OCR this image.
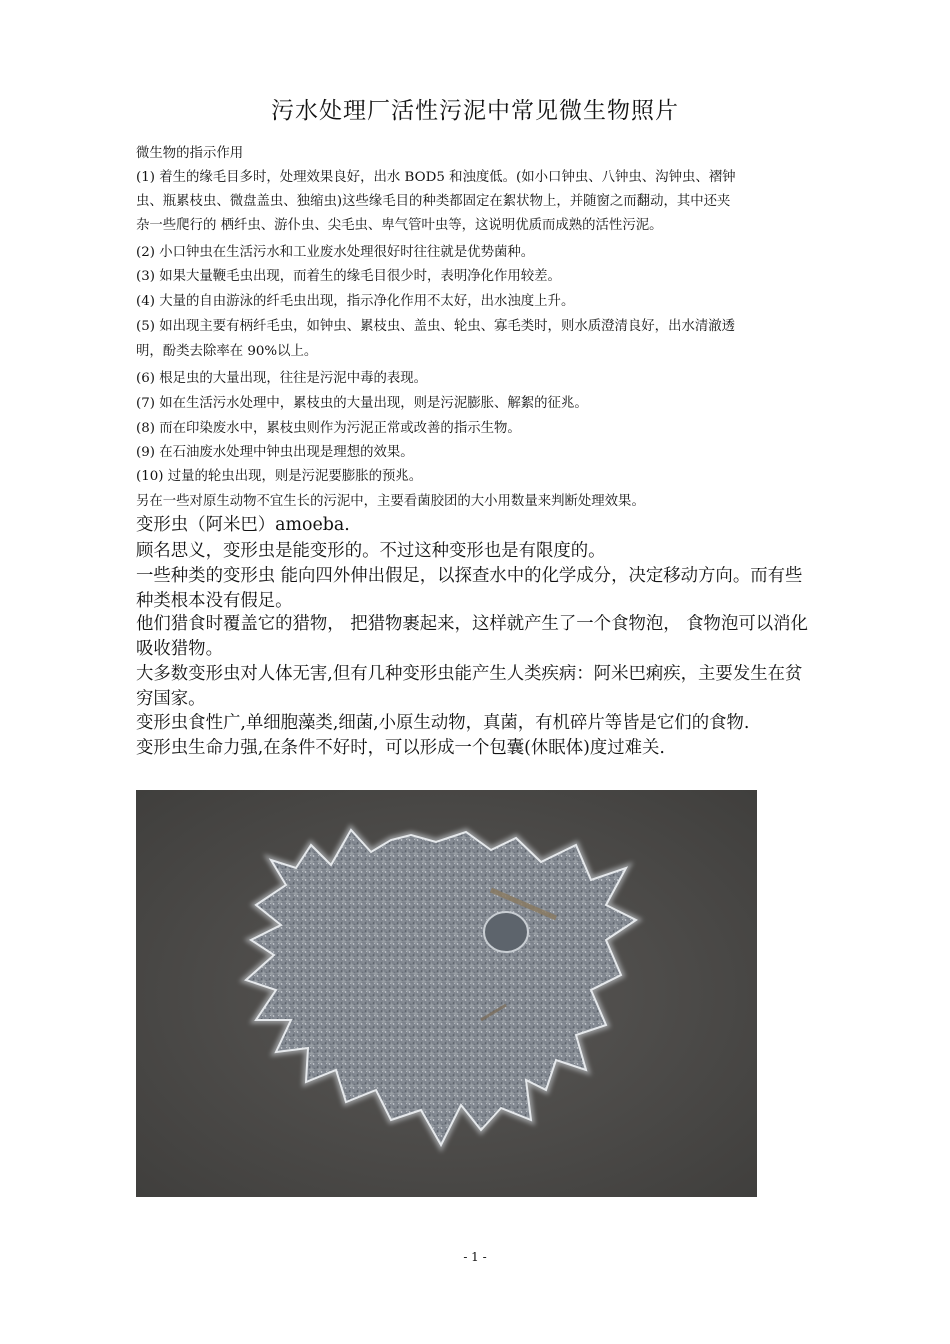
污水处理厂活性污泥中常见微生物照片
微生物的指示作用
(1) 着生的缘毛目多时，处理效果良好，出水 BOD5 和浊度低。(如小口钟虫、八钟虫、沟钟虫、褶钟
虫、瓶累枝虫、微盘盖虫、独缩虫)这些缘毛目的种类都固定在絮状物上，并随窗之而翻动，其中还夹
杂一些爬行的 栖纤虫、游仆虫、尖毛虫、卑气管叶虫等，这说明优质而成熟的活性污泥。
(2) 小口钟虫在生活污水和工业废水处理很好时往往就是优势菌种。
(3) 如果大量鞭毛虫出现，而着生的缘毛目很少时，表明净化作用较差。
(4) 大量的自由游泳的纤毛虫出现，指示净化作用不太好，出水浊度上升。
(5) 如出现主要有柄纤毛虫，如钟虫、累枝虫、盖虫、轮虫、寡毛类时，则水质澄清良好，出水清澈透
明，酚类去除率在 90%以上。
(6) 根足虫的大量出现，往往是污泥中毒的表现。
(7) 如在生活污水处理中，累枝虫的大量出现，则是污泥膨胀、解絮的征兆。
(8) 而在印染废水中，累枝虫则作为污泥正常或改善的指示生物。
(9) 在石油废水处理中钟虫出现是理想的效果。
(10) 过量的轮虫出现，则是污泥要膨胀的预兆。
另在一些对原生动物不宜生长的污泥中，主要看菌胶团的大小用数量来判断处理效果。
变形虫（阿米巴）amoeba.
顾名思义，变形虫是能变形的。不过这种变形也是有限度的。
一些种类的变形虫 能向四外伸出假足，以探查水中的化学成分，决定移动方向。而有些
种类根本没有假足。
他们猎食时覆盖它的猎物， 把猎物裹起来，这样就产生了一个食物泡， 食物泡可以消化
吸收猎物。
大多数变形虫对人体无害,但有几种变形虫能产生人类疾病：阿米巴痢疾，主要发生在贫
穷国家。
变形虫食性广,单细胞藻类,细菌,小原生动物，真菌，有机碎片等皆是它们的食物.
变形虫生命力强,在条件不好时，可以形成一个包囊(休眠体)度过难关.
- 1 -
